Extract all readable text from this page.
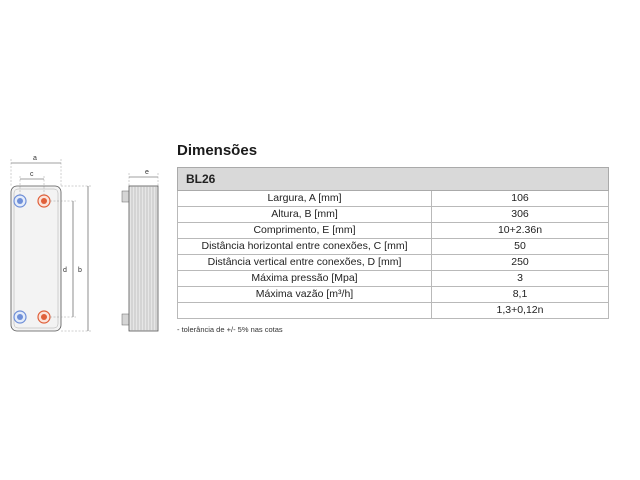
a
c
d b
e
Dimensões
BL26	
Largura, A [mm]	106
Altura, B [mm]	306
Comprimento, E [mm]	10+2.36n
Distância horizontal entre conexões, C [mm]	50
Distância vertical entre conexões, D [mm]	250
Máxima pressão [Mpa]	3
Máxima vazão [m³/h]	8,1
	1,3+0,12n
- tolerância de +/- 5% nas cotas
